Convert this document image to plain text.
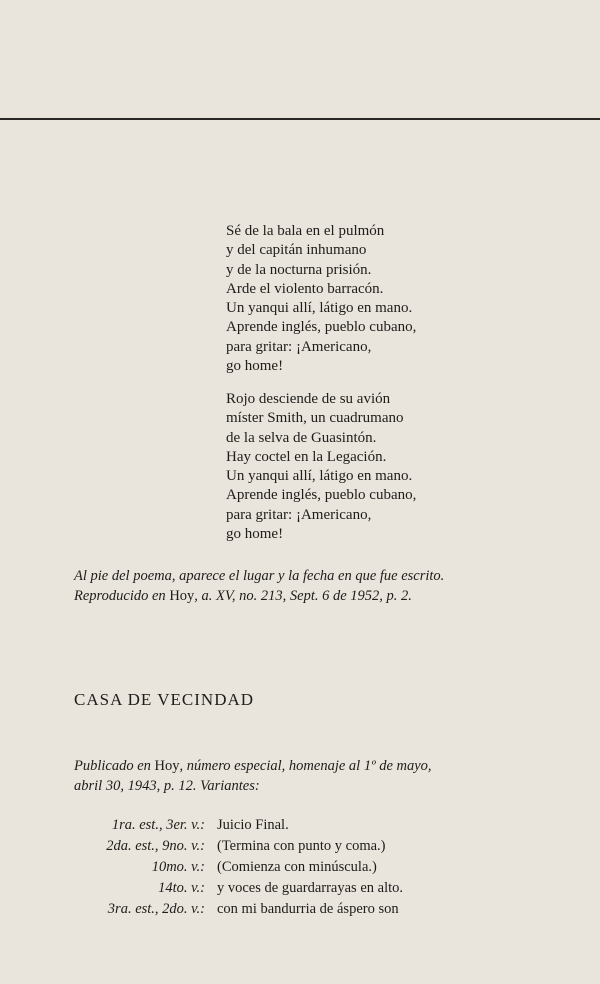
Sé de la bala en el pulmón
y del capitán inhumano
y de la nocturna prisión.
Arde el violento barracón.
Un yanqui allí, látigo en mano.
Aprende inglés, pueblo cubano,
para gritar: ¡Americano,
go home!
Rojo desciende de su avión
míster Smith, un cuadrumano
de la selva de Guasintón.
Hay coctel en la Legación.
Un yanqui allí, látigo en mano.
Aprende inglés, pueblo cubano,
para gritar: ¡Americano,
go home!
Al pie del poema, aparece el lugar y la fecha en que fue escrito.
Reproducido en Hoy, a. XV, no. 213, Sept. 6 de 1952, p. 2.
CASA DE VECINDAD
Publicado en Hoy, número especial, homenaje al 1º de mayo,
abril 30, 1943, p. 12. Variantes:
1ra. est., 3er. v.: Juicio Final.
2da. est., 9no. v.: (Termina con punto y coma.)
10mo. v.: (Comienza con minúscula.)
14to. v.: y voces de guardarrayas en alto.
3ra. est., 2do. v.: con mi bandurria de áspero son
